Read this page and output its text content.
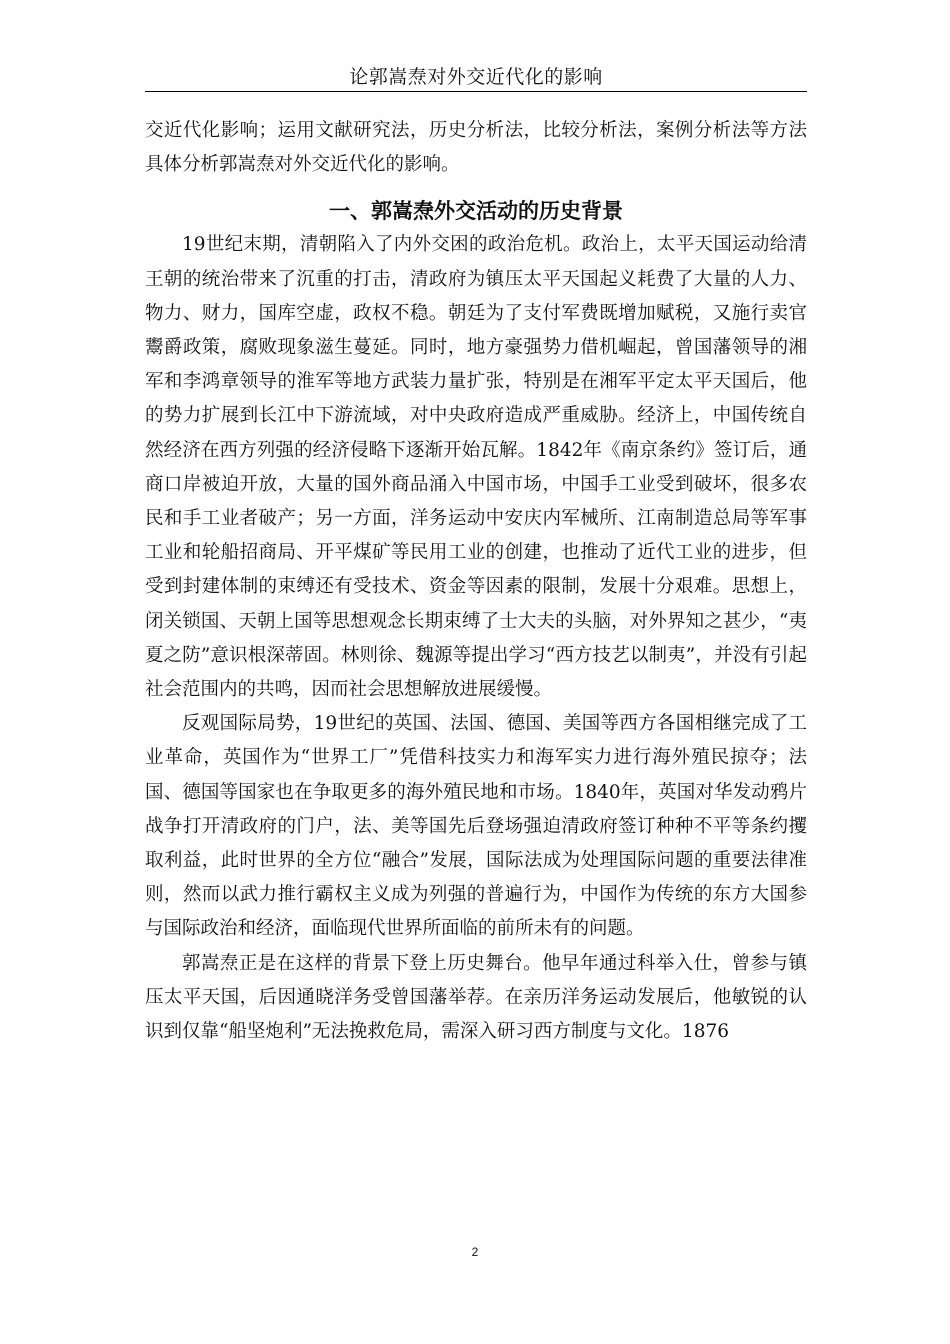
论郭嵩焘对外交近代化的影响

交近代化影响；运用文献研究法，历史分析法，比较分析法，案例分析法等方法具体分析郭嵩焘对外交近代化的影响。

一、郭嵩焘外交活动的历史背景

19世纪末期，清朝陷入了内外交困的政治危机。政治上，太平天国运动给清王朝的统治带来了沉重的打击，清政府为镇压太平天国起义耗费了大量的人力、物力、财力，国库空虚，政权不稳。朝廷为了支付军费既增加赋税，又施行卖官鬻爵政策，腐败现象滋生蔓延。同时，地方豪强势力借机崛起，曾国藩领导的湘军和李鸿章领导的淮军等地方武装力量扩张，特别是在湘军平定太平天国后，他的势力扩展到长江中下游流域，对中央政府造成严重威胁。经济上，中国传统自然经济在西方列强的经济侵略下逐渐开始瓦解。1842年《南京条约》签订后，通商口岸被迫开放，大量的国外商品涌入中国市场，中国手工业受到破坏，很多农民和手工业者破产；另一方面，洋务运动中安庆内军械所、江南制造总局等军事工业和轮船招商局、开平煤矿等民用工业的创建，也推动了近代工业的进步，但受到封建体制的束缚还有受技术、资金等因素的限制，发展十分艰难。思想上，闭关锁国、天朝上国等思想观念长期束缚了士大夫的头脑，对外界知之甚少，“夷夏之防”意识根深蒂固。林则徐、魏源等提出学习“西方技艺以制夷”，并没有引起社会范围内的共鸣，因而社会思想解放进展缓慢。

反观国际局势，19世纪的英国、法国、德国、美国等西方各国相继完成了工业革命，英国作为“世界工厂”凭借科技实力和海军实力进行海外殖民掠夺；法国、德国等国家也在争取更多的海外殖民地和市场。1840年，英国对华发动鸦片战争打开清政府的门户，法、美等国先后登场强迫清政府签订种种不平等条约攫取利益，此时世界的全方位“融合”发展，国际法成为处理国际问题的重要法律准则，然而以武力推行霸权主义成为列强的普遍行为，中国作为传统的东方大国参与国际政治和经济，面临现代世界所面临的前所未有的问题。

郭嵩焘正是在这样的背景下登上历史舞台。他早年通过科举入仕，曾参与镇压太平天国，后因通晓洋务受曾国藩举荐。在亲历洋务运动发展后，他敏锐的认识到仅靠“船坚炮利”无法挽救危局，需深入研习西方制度与文化。1876

2
